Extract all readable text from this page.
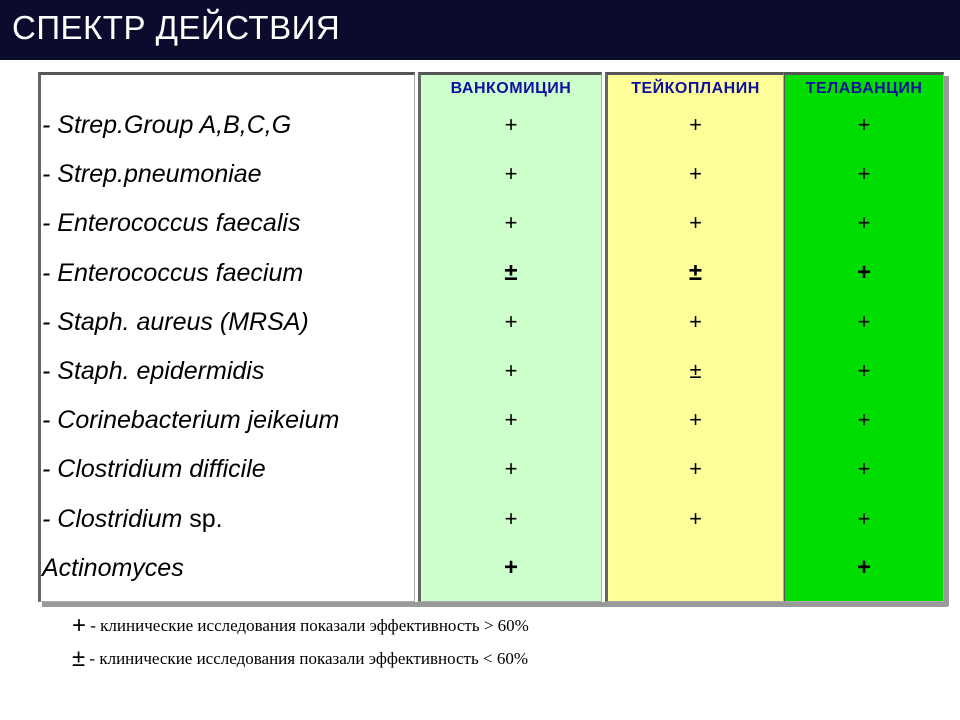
СПЕКТР ДЕЙСТВИЯ
- Strep.Group A,B,C,G
- Strep.pneumoniae
- Enterococcus faecalis
- Enterococcus faecium
- Staph. aureus (MRSA)
- Staph. epidermidis
- Corinebacterium jeikeium
- Clostridium difficile
- Clostridium sp.
Actinomyces
ВАНКОМИЦИН
+
+
+
±
+
+
+
+
+
+
ТЕЙКОПЛАНИН
+
+
+
±
+
±
+
+
+
ТЕЛАВАНЦИН
+
+
+
+
+
+
+
+
+
+
+ - клинические исследования показали эффективность > 60%
± - клинические исследования показали эффективность < 60%
